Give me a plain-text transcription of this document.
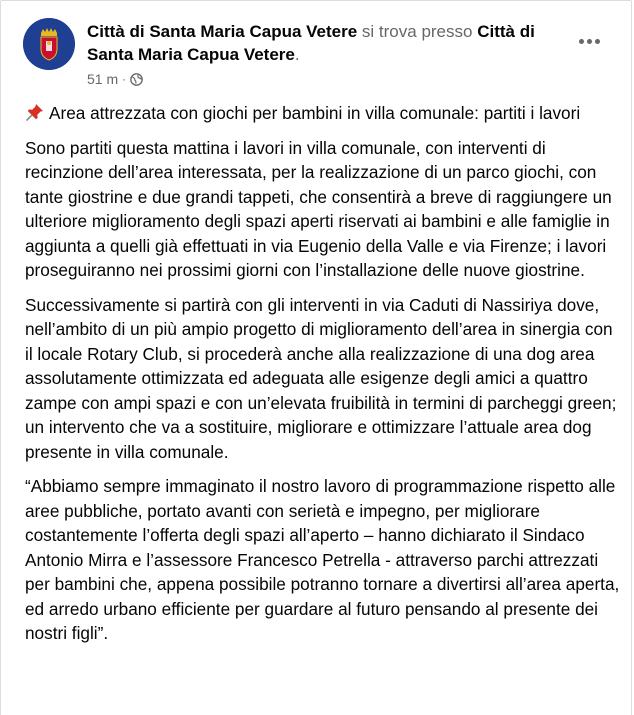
Città di Santa Maria Capua Vetere si trova presso Città di Santa Maria Capua Vetere.
51 m ·

Area attrezzata con giochi per bambini in villa comunale: partiti i lavori

Sono partiti questa mattina i lavori in villa comunale, con interventi di recinzione dell’area interessata, per la realizzazione di un parco giochi, con tante giostrine e due grandi tappeti, che consentirà a breve di raggiungere un ulteriore miglioramento degli spazi aperti riservati ai bambini e alle famiglie in aggiunta a quelli già effettuati in via Eugenio della Valle e via Firenze; i lavori proseguiranno nei prossimi giorni con l’installazione delle nuove giostrine.

Successivamente si partirà con gli interventi in via Caduti di Nassiriya dove, nell’ambito di un più ampio progetto di miglioramento dell’area in sinergia con il locale Rotary Club, si procederà anche alla realizzazione di una dog area assolutamente ottimizzata ed adeguata alle esigenze degli amici a quattro zampe con ampi spazi e con un’elevata fruibilità in termini di parcheggi green; un intervento che va a sostituire, migliorare e ottimizzare l’attuale area dog presente in villa comunale.

“Abbiamo sempre immaginato il nostro lavoro di programmazione rispetto alle aree pubbliche, portato avanti con serietà e impegno, per migliorare costantemente l’offerta degli spazi all’aperto – hanno dichiarato il Sindaco Antonio Mirra e l’assessore Francesco Petrella - attraverso parchi attrezzati per bambini che, appena possibile potranno tornare a divertirsi all’area aperta, ed arredo urbano efficiente per guardare al futuro pensando al presente dei nostri figli”.
